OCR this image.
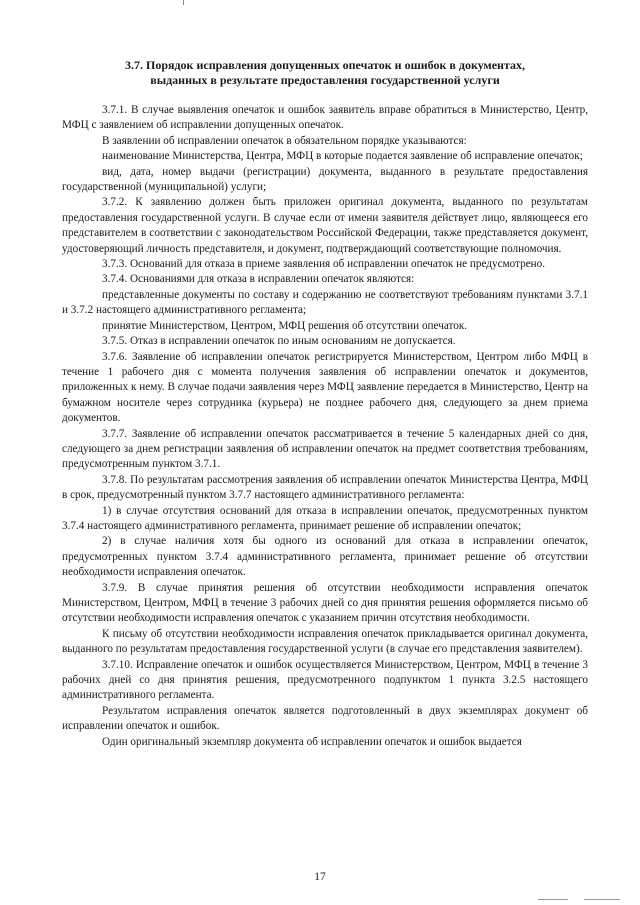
3.7. Порядок исправления допущенных опечаток и ошибок в документах,
выданных в результате предоставления государственной услуги

3.7.1. В случае выявления опечаток и ошибок заявитель вправе обратиться в Министерство, Центр, МФЦ с заявлением об исправлении допущенных опечаток.

В заявлении об исправлении опечаток в обязательном порядке указываются:

наименование Министерства, Центра, МФЦ в которые подается заявление об исправление опечаток;

вид, дата, номер выдачи (регистрации) документа, выданного в результате предоставления государственной (муниципальной) услуги;

3.7.2. К заявлению должен быть приложен оригинал документа, выданного по результатам предоставления государственной услуги. В случае если от имени заявителя действует лицо, являющееся его представителем в соответствии с законодательством Российской Федерации, также представляется документ, удостоверяющий личность представителя, и документ, подтверждающий соответствующие полномочия.

3.7.3. Оснований для отказа в приеме заявления об исправлении опечаток не предусмотрено.

3.7.4. Основаниями для отказа в исправлении опечаток являются:

представленные документы по составу и содержанию не соответствуют требованиям пунктами 3.7.1 и 3.7.2 настоящего административного регламента;

принятие Министерством, Центром, МФЦ решения об отсутствии опечаток.

3.7.5. Отказ в исправлении опечаток по иным основаниям не допускается.

3.7.6. Заявление об исправлении опечаток регистрируется Министерством, Центром либо МФЦ в течение 1 рабочего дня с момента получения заявления об исправлении опечаток и документов, приложенных к нему. В случае подачи заявления через МФЦ заявление передается в Министерство, Центр на бумажном носителе через сотрудника (курьера) не позднее рабочего дня, следующего за днем приема документов.

3.7.7. Заявление об исправлении опечаток рассматривается в течение 5 календарных дней со дня, следующего за днем регистрации заявления об исправлении опечаток на предмет соответствия требованиям, предусмотренным пунктом 3.7.1.

3.7.8. По результатам рассмотрения заявления об исправлении опечаток Министерства Центра, МФЦ в срок, предусмотренный пунктом 3.7.7 настоящего административного регламента:

1) в случае отсутствия оснований для отказа в исправлении опечаток, предусмотренных пунктом 3.7.4 настоящего административного регламента, принимает решение об исправлении опечаток;

2) в случае наличия хотя бы одного из оснований для отказа в исправлении опечаток, предусмотренных пунктом 3.7.4 административного регламента, принимает решение об отсутствии необходимости исправления опечаток.

3.7.9. В случае принятия решения об отсутствии необходимости исправления опечаток Министерством, Центром, МФЦ в течение 3 рабочих дней со дня принятия решения оформляется письмо об отсутствии необходимости исправления опечаток с указанием причин отсутствия необходимости.

К письму об отсутствии необходимости исправления опечаток прикладывается оригинал документа, выданного по результатам предоставления государственной услуги (в случае его представления заявителем).

3.7.10. Исправление опечаток и ошибок осуществляется Министерством, Центром, МФЦ в течение 3 рабочих дней со дня принятия решения, предусмотренного подпунктом 1 пункта 3.2.5 настоящего административного регламента.

Результатом исправления опечаток является подготовленный в двух экземплярах документ об исправлении опечаток и ошибок.

Один оригинальный экземпляр документа об исправлении опечаток и ошибок выдается

17
